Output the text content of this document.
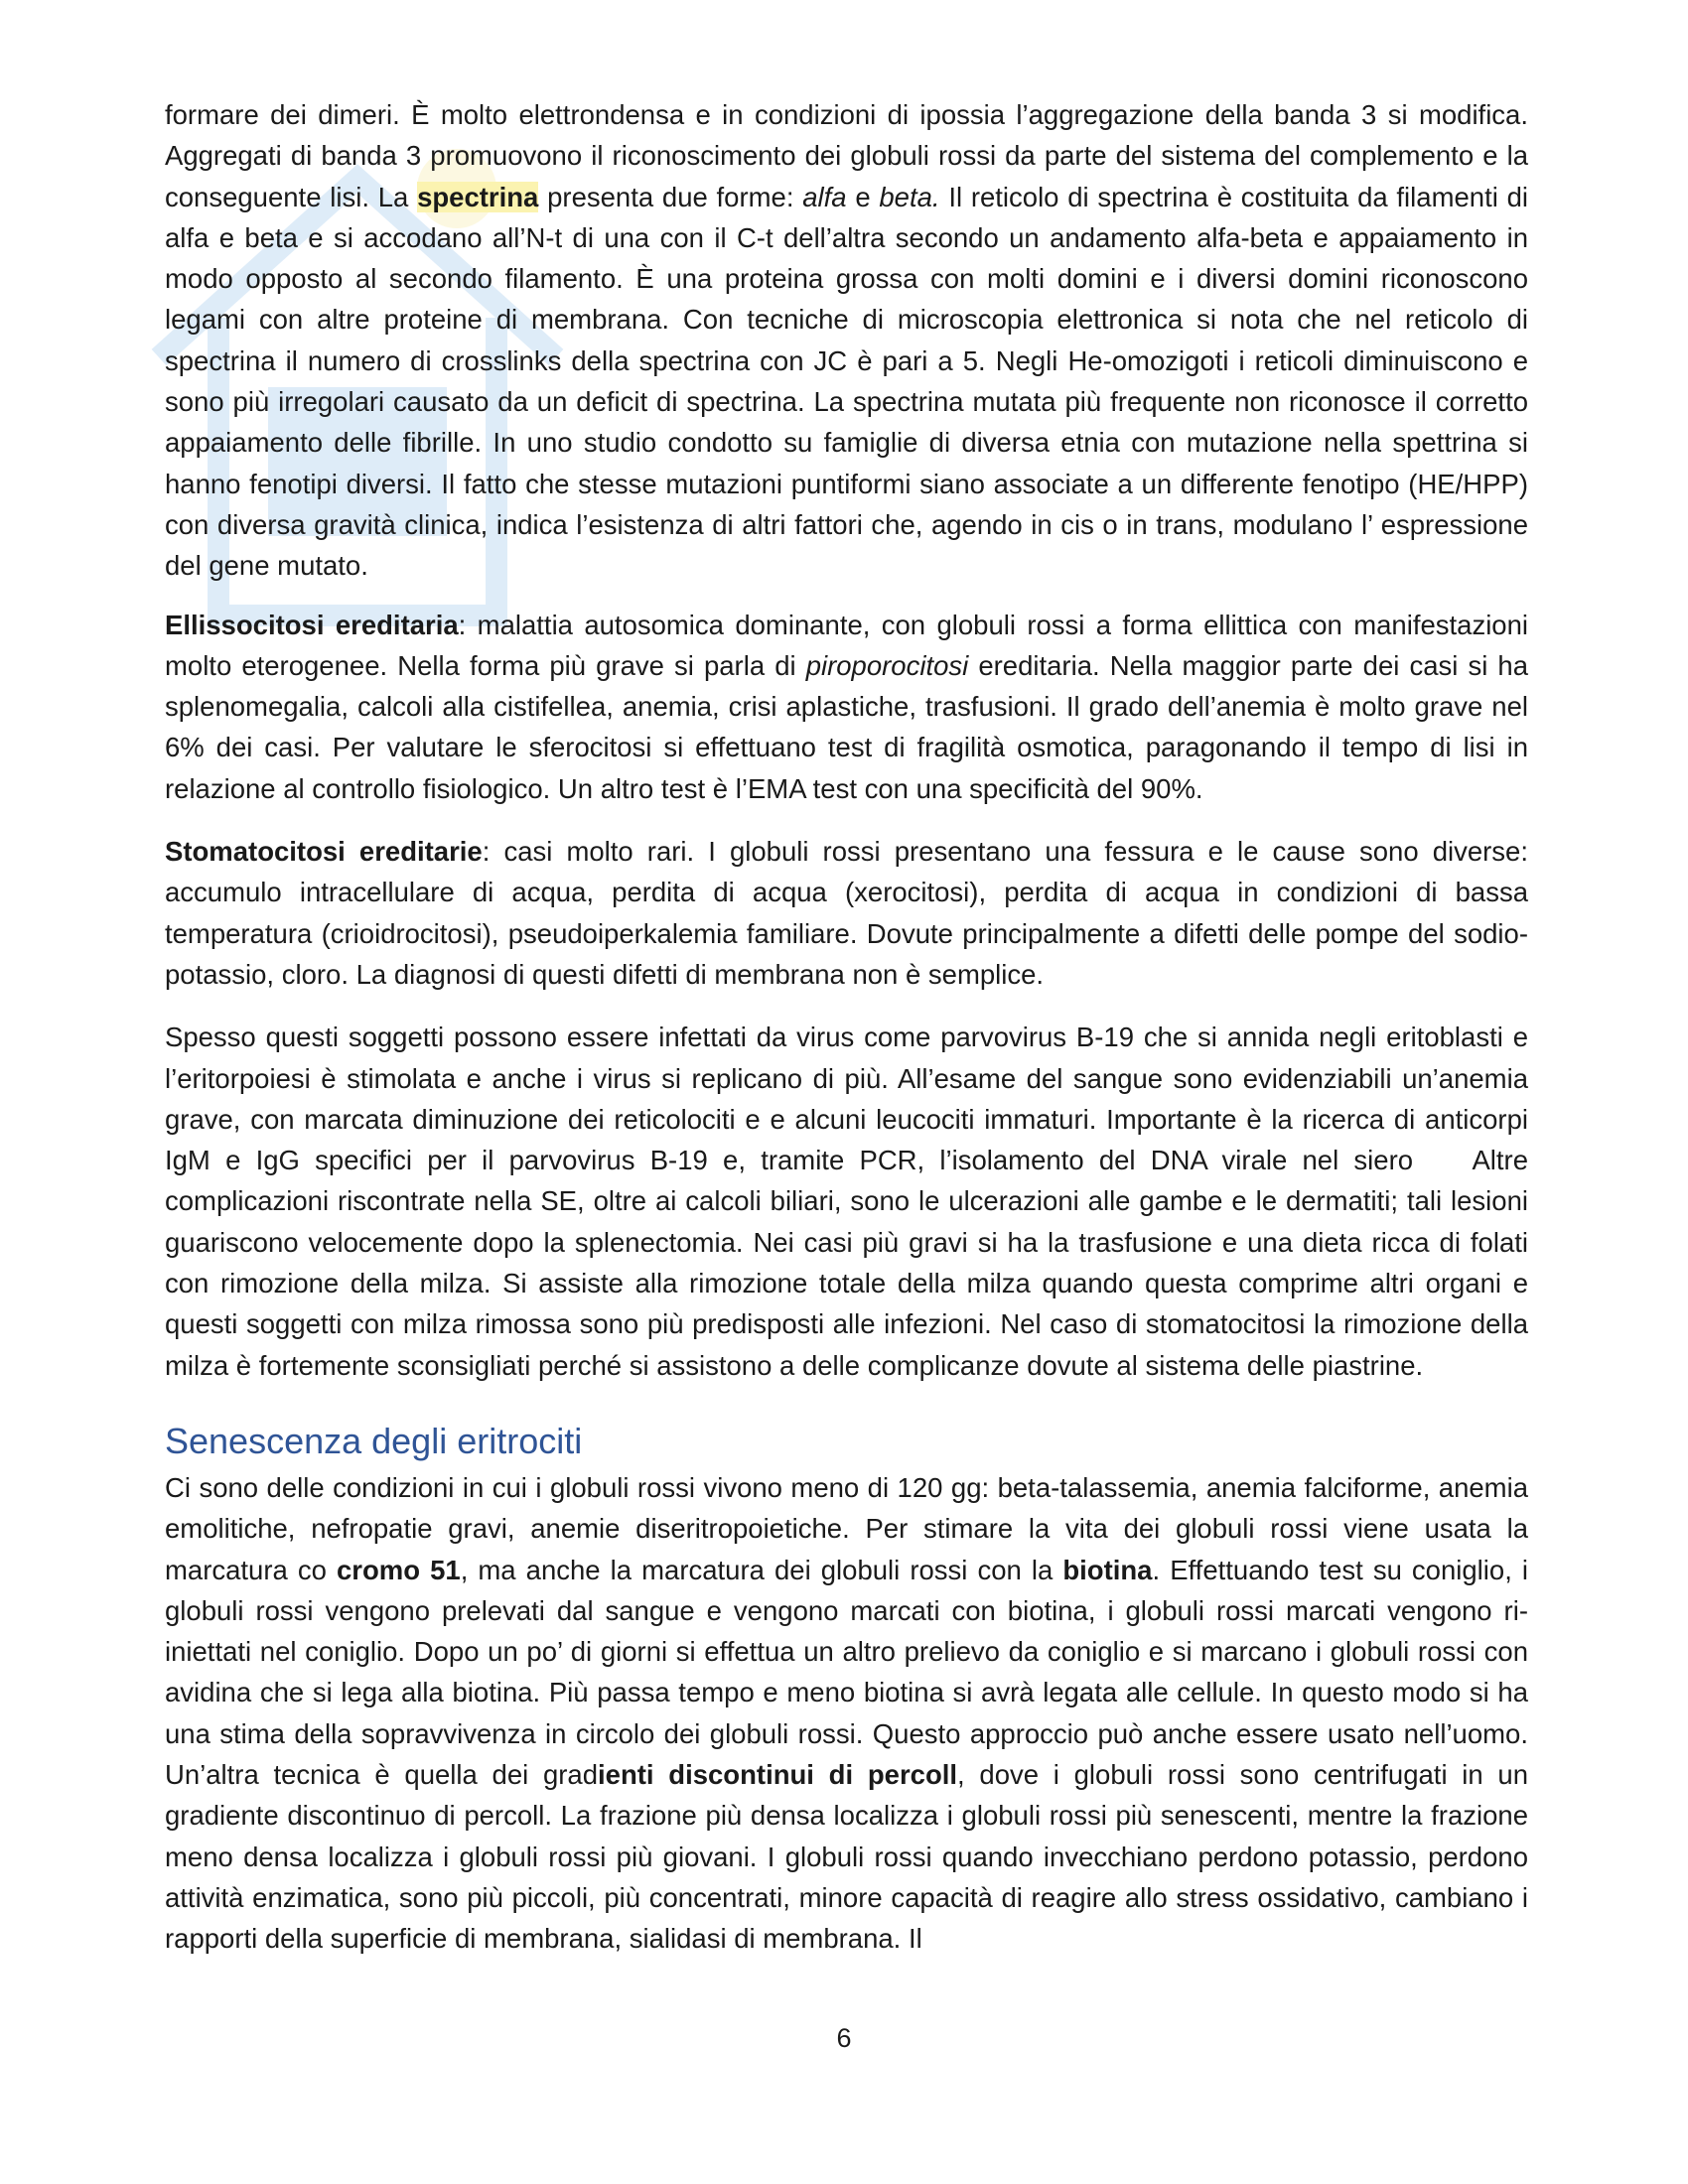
formare dei dimeri. È molto elettrondensa e in condizioni di ipossia l’aggregazione della banda 3 si modifica. Aggregati di banda 3 promuovono il riconoscimento dei globuli rossi da parte del sistema del complemento e la conseguente lisi. La spectrina presenta due forme: alfa e beta. Il reticolo di spectrina è costituita da filamenti di alfa e beta e si accodano all’N-t di una con il C-t dell’altra secondo un andamento alfa-beta e appaiamento in modo opposto al secondo filamento. È una proteina grossa con molti domini e i diversi domini riconoscono legami con altre proteine di membrana. Con tecniche di microscopia elettronica si nota che nel reticolo di spectrina il numero di crosslinks della spectrina con JC è pari a 5. Negli He-omozigoti i reticoli diminuiscono e sono più irregolari causato da un deficit di spectrina. La spectrina mutata più frequente non riconosce il corretto appaiamento delle fibrille. In uno studio condotto su famiglie di diversa etnia con mutazione nella spettrina si hanno fenotipi diversi. Il fatto che stesse mutazioni puntiformi siano associate a un differente fenotipo (HE/HPP) con diversa gravità clinica, indica l’esistenza di altri fattori che, agendo in cis o in trans, modulano l’ espressione del gene mutato.

Ellissocitosi ereditaria: malattia autosomica dominante, con globuli rossi a forma ellittica con manifestazioni molto eterogenee. Nella forma più grave si parla di piroporocitosi ereditaria. Nella maggior parte dei casi si ha splenomegalia, calcoli alla cistifellea, anemia, crisi aplastiche, trasfusioni. Il grado dell’anemia è molto grave nel 6% dei casi. Per valutare le sferocitosi si effettuano test di fragilità osmotica, paragonando il tempo di lisi in relazione al controllo fisiologico. Un altro test è l’EMA test con una specificità del 90%.

Stomatocitosi ereditarie: casi molto rari. I globuli rossi presentano una fessura e le cause sono diverse: accumulo intracellulare di acqua, perdita di acqua (xerocitosi), perdita di acqua in condizioni di bassa temperatura (crioidrocitosi), pseudoiperkalemia familiare. Dovute principalmente a difetti delle pompe del sodio-potassio, cloro. La diagnosi di questi difetti di membrana non è semplice.

Spesso questi soggetti possono essere infettati da virus come parvovirus B-19 che si annida negli eritoblasti e l’eritorpoiesi è stimolata e anche i virus si replicano di più. All’esame del sangue sono evidenziabili un’anemia grave, con marcata diminuzione dei reticolociti e e alcuni leucociti immaturi. Importante è la ricerca di anticorpi IgM e IgG specifici per il parvovirus B-19 e, tramite PCR, l’isolamento del DNA virale nel siero    Altre complicazioni riscontrate nella SE, oltre ai calcoli biliari, sono le ulcerazioni alle gambe e le dermatiti; tali lesioni guariscono velocemente dopo la splenectomia. Nei casi più gravi si ha la trasfusione e una dieta ricca di folati con rimozione della milza. Si assiste alla rimozione totale della milza quando questa comprime altri organi e questi soggetti con milza rimossa sono più predisposti alle infezioni. Nel caso di stomatocitosi la rimozione della milza è fortemente sconsigliati perché si assistono a delle complicanze dovute al sistema delle piastrine.

Senescenza degli eritrociti

Ci sono delle condizioni in cui i globuli rossi vivono meno di 120 gg: beta-talassemia, anemia falciforme, anemia emolitiche, nefropatie gravi, anemie diseritropoietiche. Per stimare la vita dei globuli rossi viene usata la marcatura co cromo 51, ma anche la marcatura dei globuli rossi con la biotina. Effettuando test su coniglio, i globuli rossi vengono prelevati dal sangue e vengono marcati con biotina, i globuli rossi marcati vengono ri-iniettati nel coniglio. Dopo un po’ di giorni si effettua un altro prelievo da coniglio e si marcano i globuli rossi con avidina che si lega alla biotina. Più passa tempo e meno biotina si avrà legata alle cellule. In questo modo si ha una stima della sopravvivenza in circolo dei globuli rossi. Questo approccio può anche essere usato nell’uomo. Un’altra tecnica è quella dei gradienti discontinui di percoll, dove i globuli rossi sono centrifugati in un gradiente discontinuo di percoll. La frazione più densa localizza i globuli rossi più senescenti, mentre la frazione meno densa localizza i globuli rossi più giovani. I globuli rossi quando invecchiano perdono potassio, perdono attività enzimatica, sono più piccoli, più concentrati, minore capacità di reagire allo stress ossidativo, cambiano i rapporti della superficie di membrana, sialidasi di membrana. Il

6
